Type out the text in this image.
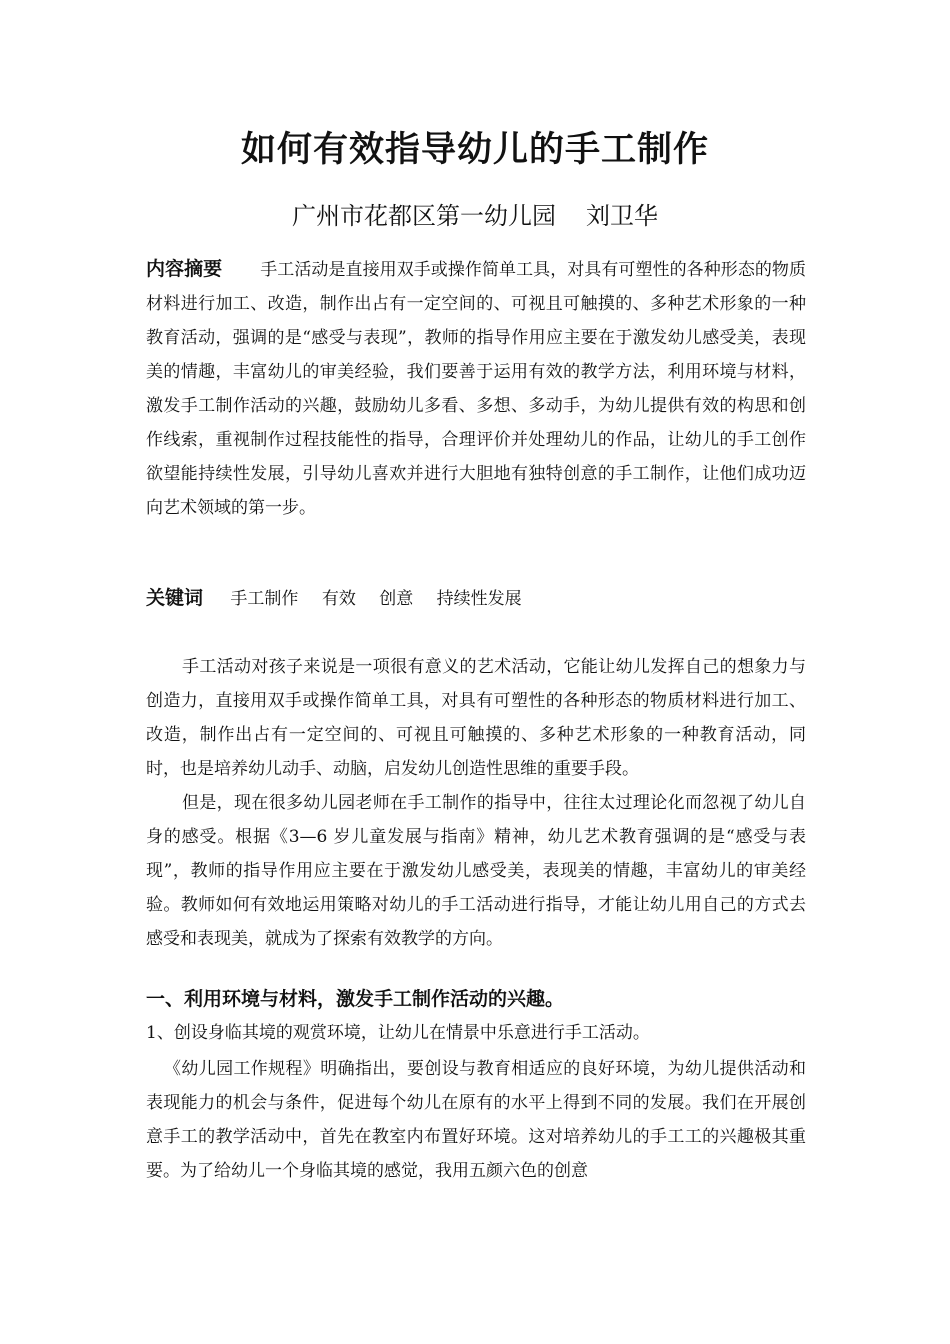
如何有效指导幼儿的手工制作
广州市花都区第一幼儿园 刘卫华
内容摘要 手工活动是直接用双手或操作简单工具，对具有可塑性的各种形态的物质材料进行加工、改造，制作出占有一定空间的、可视且可触摸的、多种艺术形象的一种教育活动，强调的是“感受与表现”，教师的指导作用应主要在于激发幼儿感受美，表现美的情趣，丰富幼儿的审美经验，我们要善于运用有效的教学方法，利用环境与材料，激发手工制作活动的兴趣，鼓励幼儿多看、多想、多动手，为幼儿提供有效的构思和创作线索，重视制作过程技能性的指导，合理评价并处理幼儿的作品，让幼儿的手工创作欲望能持续性发展，引导幼儿喜欢并进行大胆地有独特创意的手工制作，让他们成功迈向艺术领域的第一步。
关键词 手工制作 有效 创意 持续性发展
手工活动对孩子来说是一项很有意义的艺术活动，它能让幼儿发挥自己的想象力与创造力，直接用双手或操作简单工具，对具有可塑性的各种形态的物质材料进行加工、改造，制作出占有一定空间的、可视且可触摸的、多种艺术形象的一种教育活动，同时，也是培养幼儿动手、动脑，启发幼儿创造性思维的重要手段。
但是，现在很多幼儿园老师在手工制作的指导中，往往太过理论化而忽视了幼儿自身的感受。根据《3—6 岁儿童发展与指南》精神，幼儿艺术教育强调的是“感受与表现”，教师的指导作用应主要在于激发幼儿感受美，表现美的情趣，丰富幼儿的审美经验。教师如何有效地运用策略对幼儿的手工活动进行指导，才能让幼儿用自己的方式去感受和表现美，就成为了探索有效教学的方向。
一、利用环境与材料，激发手工制作活动的兴趣。
1、创设身临其境的观赏环境，让幼儿在情景中乐意进行手工活动。
《幼儿园工作规程》明确指出，要创设与教育相适应的良好环境，为幼儿提供活动和表现能力的机会与条件，促进每个幼儿在原有的水平上得到不同的发展。我们在开展创意手工的教学活动中，首先在教室内布置好环境。这对培养幼儿的手工工的兴趣极其重要。为了给幼儿一个身临其境的感觉，我用五颜六色的创意
